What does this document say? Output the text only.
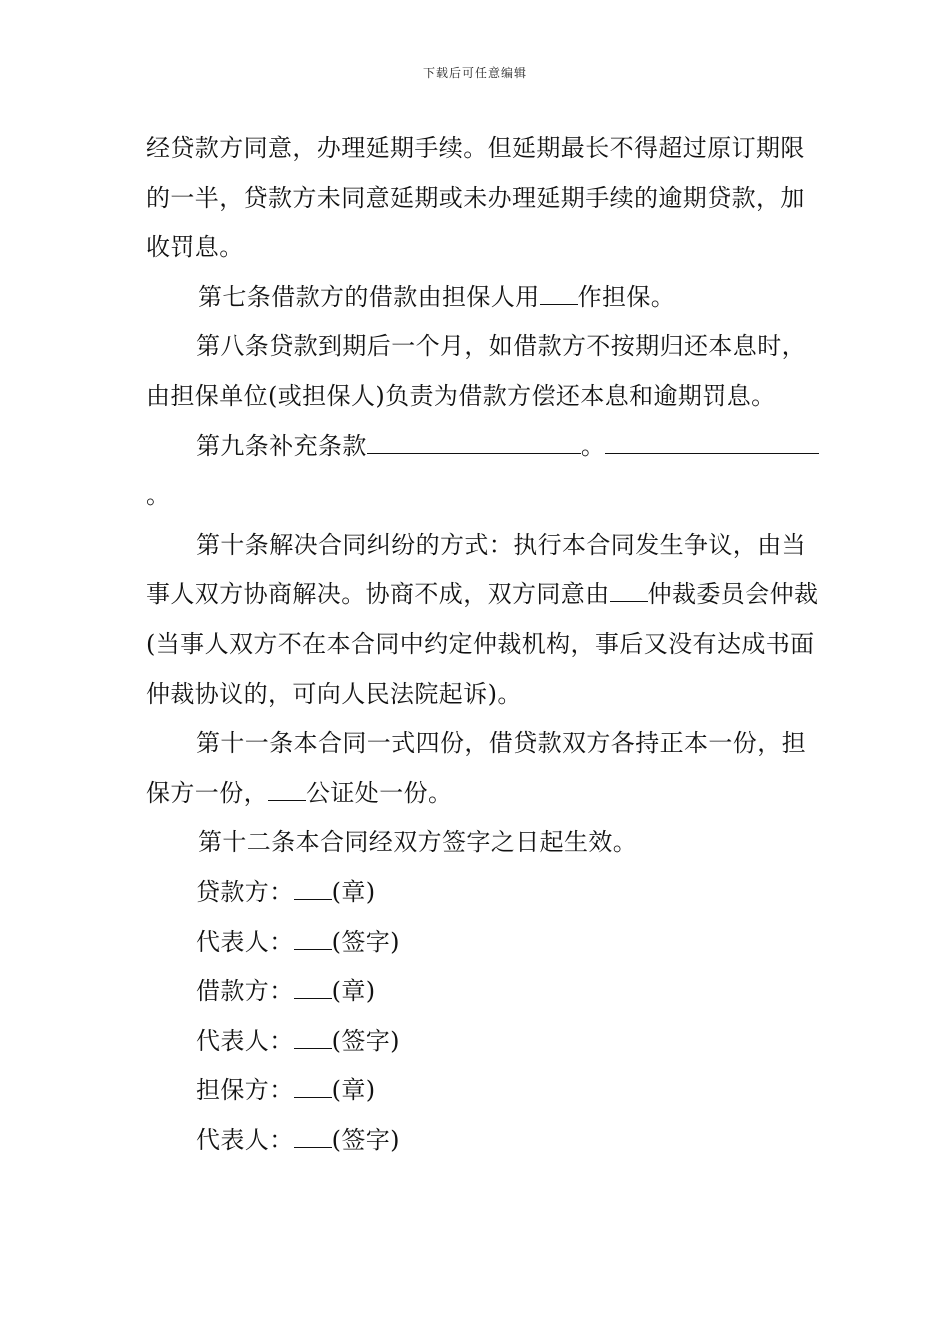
下载后可任意编辑

经贷款方同意，办理延期手续。但延期最长不得超过原订期限的一半，贷款方未同意延期或未办理延期手续的逾期贷款，加收罚息。

第七条借款方的借款由担保人用 作担保。

第八条贷款到期后一个月，如借款方不按期归还本息时，由担保单位(或担保人)负责为借款方偿还本息和逾期罚息。

第九条补充条款	。。

第十条解决合同纠纷的方式：执行本合同发生争议，由当事人双方协商解决。协商不成，双方同意由 仲裁委员会仲裁(当事人双方不在本合同中约定仲裁机构，事后又没有达成书面仲裁协议的，可向人民法院起诉)。

第十一条本合同一式四份，借贷款双方各持正本一份，担保方一份， 公证处一份。

第十二条本合同经双方签字之日起生效。

贷款方： (章)

代表人： (签字)

借款方： (章)

代表人： (签字)

担保方： (章)

代表人： (签字)
